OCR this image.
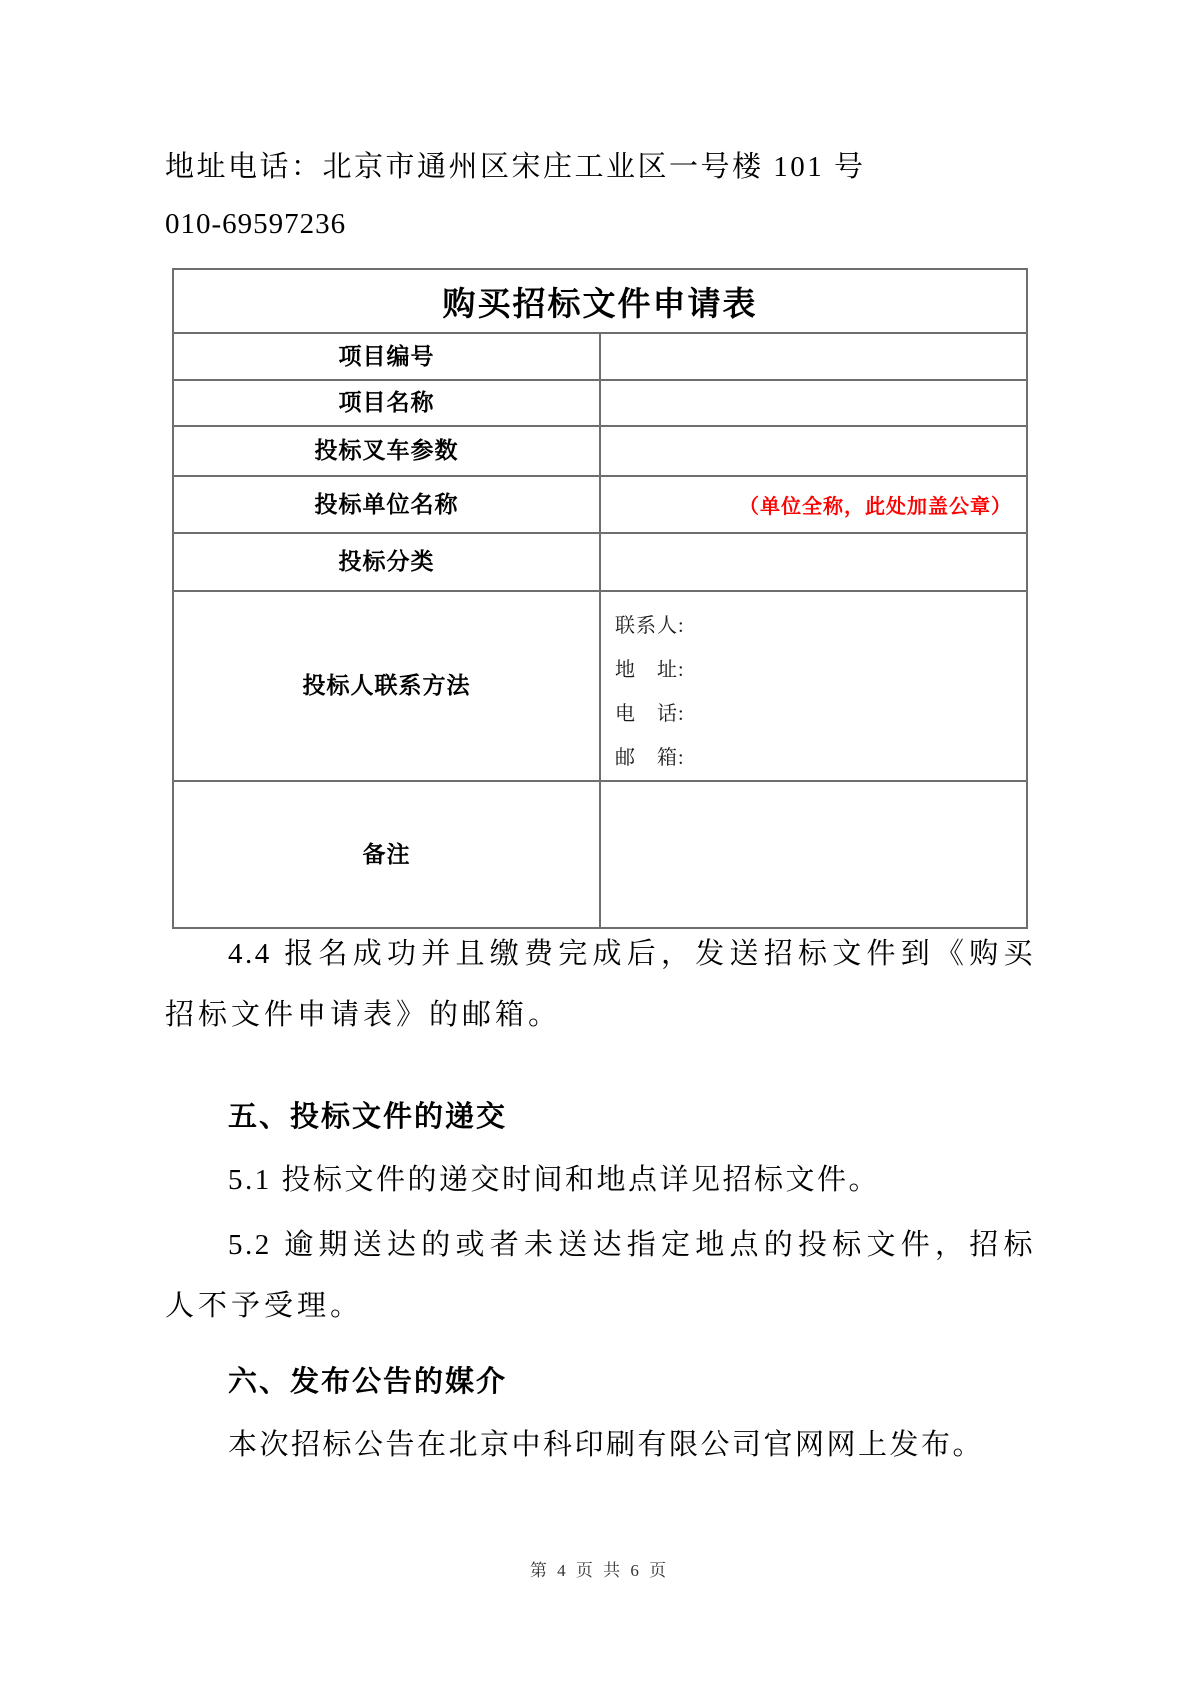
地址电话：北京市通州区宋庄工业区一号楼 101 号
010-69597236
购买招标文件申请表	
项目编号	
项目名称	
投标叉车参数	
投标单位名称	（单位全称，此处加盖公章）
投标分类	
投标人联系方法	联系人:
地　址:
电　话:
邮　箱:

备注	
4.4 报名成功并且缴费完成后，发送招标文件到《购买
招标文件申请表》的邮箱。
五、投标文件的递交
5.1 投标文件的递交时间和地点详见招标文件。
5.2 逾期送达的或者未送达指定地点的投标文件，招标
人不予受理。
六、发布公告的媒介
本次招标公告在北京中科印刷有限公司官网网上发布。
第 4 页 共 6 页
